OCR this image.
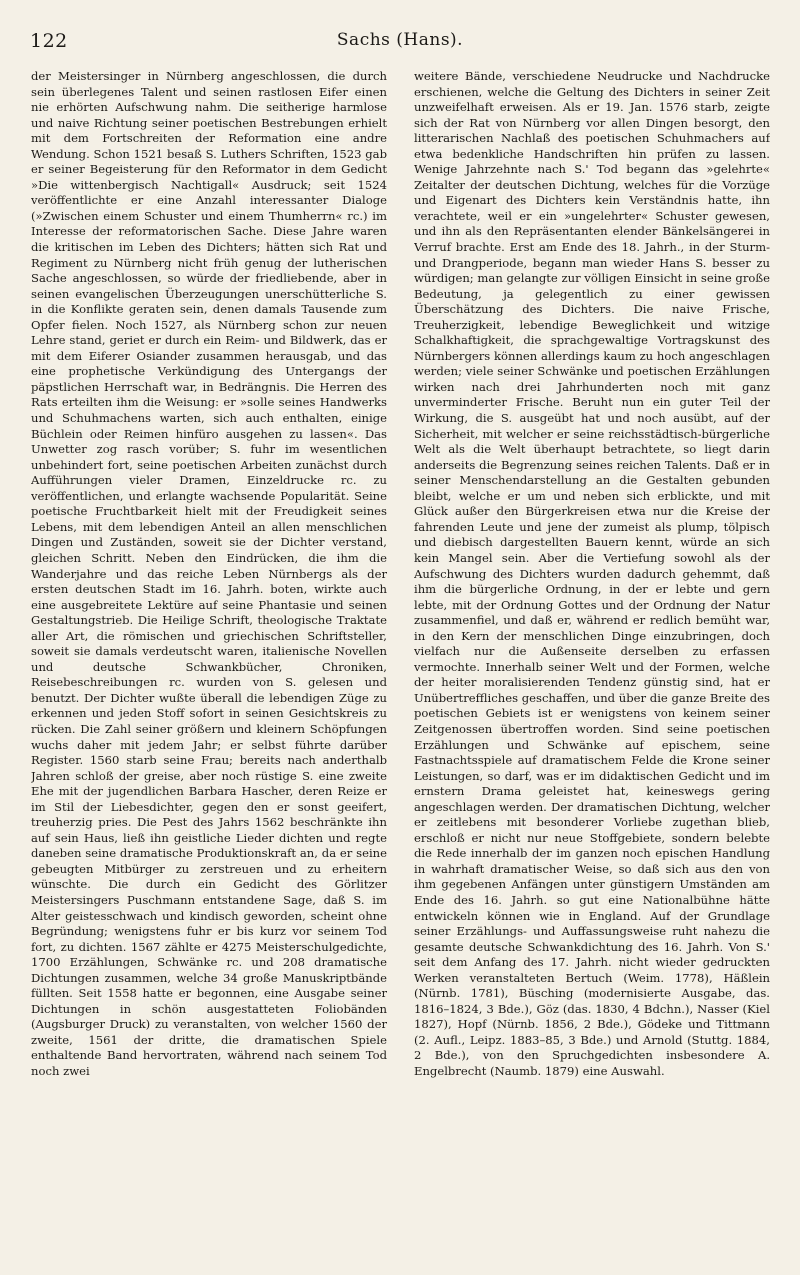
122	Sachs (Hans).

der Meistersinger in Nürnberg angeschlossen, die durch sein überlegenes Talent und seinen rastlosen Eifer einen nie erhörten Aufschwung nahm. Die seitherige harmlose und naive Richtung seiner poetischen Bestrebungen erhielt mit dem Fortschreiten der Reformation eine andre Wendung. Schon 1521 besaß S. Luthers Schriften, 1523 gab er seiner Begeisterung für den Reformator in dem Gedicht »Die wittenbergisch Nachtigall« Ausdruck; seit 1524 veröffentlichte er eine Anzahl interessanter Dialoge (»Zwischen einem Schuster und einem Thumherrn« rc.) im Interesse der reformatorischen Sache. Diese Jahre waren die kritischen im Leben des Dichters; hätten sich Rat und Regiment zu Nürnberg nicht früh genug der lutherischen Sache angeschlossen, so würde der friedliebende, aber in seinen evangelischen Überzeugungen unerschütterliche S. in die Konflikte geraten sein, denen damals Tausende zum Opfer fielen. Noch 1527, als Nürnberg schon zur neuen Lehre stand, geriet er durch ein Reim- und Bildwerk, das er mit dem Eiferer Osiander zusammen herausgab, und das eine prophetische Verkündigung des Untergangs der päpstlichen Herrschaft war, in Bedrängnis. Die Herren des Rats erteilten ihm die Weisung: er »solle seines Handwerks und Schuhmachens warten, sich auch enthalten, einige Büchlein oder Reimen hinfüro ausgehen zu lassen«. Das Unwetter zog rasch vorüber; S. fuhr im wesentlichen unbehindert fort, seine poetischen Arbeiten zunächst durch Aufführungen vieler Dramen, Einzeldrucke rc. zu veröffentlichen, und erlangte wachsende Popularität. Seine poetische Fruchtbarkeit hielt mit der Freudigkeit seines Lebens, mit dem lebendigen Anteil an allen menschlichen Dingen und Zuständen, soweit sie der Dichter verstand, gleichen Schritt. Neben den Eindrücken, die ihm die Wanderjahre und das reiche Leben Nürnbergs als der ersten deutschen Stadt im 16. Jahrh. boten, wirkte auch eine ausgebreitete Lektüre auf seine Phantasie und seinen Gestaltungstrieb. Die Heilige Schrift, theologische Traktate aller Art, die römischen und griechischen Schriftsteller, soweit sie damals verdeutscht waren, italienische Novellen und deutsche Schwankbücher, Chroniken, Reisebeschreibungen rc. wurden von S. gelesen und benutzt. Der Dichter wußte überall die lebendigen Züge zu erkennen und jeden Stoff sofort in seinen Gesichtskreis zu rücken. Die Zahl seiner größern und kleinern Schöpfungen wuchs daher mit jedem Jahr; er selbst führte darüber Register. 1560 starb seine Frau; bereits nach anderthalb Jahren schloß der greise, aber noch rüstige S. eine zweite Ehe mit der jugendlichen Barbara Hascher, deren Reize er im Stil der Liebesdichter, gegen den er sonst geeifert, treuherzig pries. Die Pest des Jahrs 1562 beschränkte ihn auf sein Haus, ließ ihn geistliche Lieder dichten und regte daneben seine dramatische Produktionskraft an, da er seine gebeugten Mitbürger zu zerstreuen und zu erheitern wünschte. Die durch ein Gedicht des Görlitzer Meistersingers Puschmann entstandene Sage, daß S. im Alter geistesschwach und kindisch geworden, scheint ohne Begründung; wenigstens fuhr er bis kurz vor seinem Tod fort, zu dichten. 1567 zählte er 4275 Meisterschulgedichte, 1700 Erzählungen, Schwänke rc. und 208 dramatische Dichtungen zusammen, welche 34 große Manuskriptbände füllten. Seit 1558 hatte er begonnen, eine Ausgabe seiner Dichtungen in schön ausgestatteten Foliobänden (Augsburger Druck) zu veranstalten, von welcher 1560 der zweite, 1561 der dritte, die dramatischen Spiele enthaltende Band hervortraten, während nach seinem Tod noch zwei

weitere Bände, verschiedene Neudrucke und Nachdrucke erschienen, welche die Geltung des Dichters in seiner Zeit unzweifelhaft erweisen. Als er 19. Jan. 1576 starb, zeigte sich der Rat von Nürnberg vor allen Dingen besorgt, den litterarischen Nachlaß des poetischen Schuhmachers auf etwa bedenkliche Handschriften hin prüfen zu lassen. Wenige Jahrzehnte nach S.' Tod begann das »gelehrte« Zeitalter der deutschen Dichtung, welches für die Vorzüge und Eigenart des Dichters kein Verständnis hatte, ihn verachtete, weil er ein »ungelehrter« Schuster gewesen, und ihn als den Repräsentanten elender Bänkelsängerei in Verruf brachte. Erst am Ende des 18. Jahrh., in der Sturm- und Drangperiode, begann man wieder Hans S. besser zu würdigen; man gelangte zur völligen Einsicht in seine große Bedeutung, ja gelegentlich zu einer gewissen Überschätzung des Dichters. Die naive Frische, Treuherzigkeit, lebendige Beweglichkeit und witzige Schalkhaftigkeit, die sprachgewaltige Vortragskunst des Nürnbergers können allerdings kaum zu hoch angeschlagen werden; viele seiner Schwänke und poetischen Erzählungen wirken nach drei Jahrhunderten noch mit ganz unverminderter Frische. Beruht nun ein guter Teil der Wirkung, die S. ausgeübt hat und noch ausübt, auf der Sicherheit, mit welcher er seine reichsstädtisch-bürgerliche Welt als die Welt überhaupt betrachtete, so liegt darin anderseits die Begrenzung seines reichen Talents. Daß er in seiner Menschendarstellung an die Gestalten gebunden bleibt, welche er um und neben sich erblickte, und mit Glück außer den Bürgerkreisen etwa nur die Kreise der fahrenden Leute und jene der zumeist als plump, tölpisch und diebisch dargestellten Bauern kennt, würde an sich kein Mangel sein. Aber die Vertiefung sowohl als der Aufschwung des Dichters wurden dadurch gehemmt, daß ihm die bürgerliche Ordnung, in der er lebte und gern lebte, mit der Ordnung Gottes und der Ordnung der Natur zusammenfiel, und daß er, während er redlich bemüht war, in den Kern der menschlichen Dinge einzubringen, doch vielfach nur die Außenseite derselben zu erfassen vermochte. Innerhalb seiner Welt und der Formen, welche der heiter moralisierenden Tendenz günstig sind, hat er Unübertreffliches geschaffen, und über die ganze Breite des poetischen Gebiets ist er wenigstens von keinem seiner Zeitgenossen übertroffen worden. Sind seine poetischen Erzählungen und Schwänke auf epischem, seine Fastnachtsspiele auf dramatischem Felde die Krone seiner Leistungen, so darf, was er im didaktischen Gedicht und im ernstern Drama geleistet hat, keineswegs gering angeschlagen werden. Der dramatischen Dichtung, welcher er zeitlebens mit besonderer Vorliebe zugethan blieb, erschloß er nicht nur neue Stoffgebiete, sondern belebte die Rede innerhalb der im ganzen noch epischen Handlung in wahrhaft dramatischer Weise, so daß sich aus den von ihm gegebenen Anfängen unter günstigern Umständen am Ende des 16. Jahrh. so gut eine Nationalbühne hätte entwickeln können wie in England. Auf der Grundlage seiner Erzählungs- und Auffassungsweise ruht nahezu die gesamte deutsche Schwankdichtung des 16. Jahrh. Von S.' seit dem Anfang des 17. Jahrh. nicht wieder gedruckten Werken veranstalteten Bertuch (Weim. 1778), Häßlein (Nürnb. 1781), Büsching (modernisierte Ausgabe, das. 1816–1824, 3 Bde.), Göz (das. 1830, 4 Bdchn.), Nasser (Kiel 1827), Hopf (Nürnb. 1856, 2 Bde.), Gödeke und Tittmann (2. Aufl., Leipz. 1883–85, 3 Bde.) und Arnold (Stuttg. 1884, 2 Bde.), von den Spruchgedichten insbesondere A. Engelbrecht (Naumb. 1879) eine Auswahl.
